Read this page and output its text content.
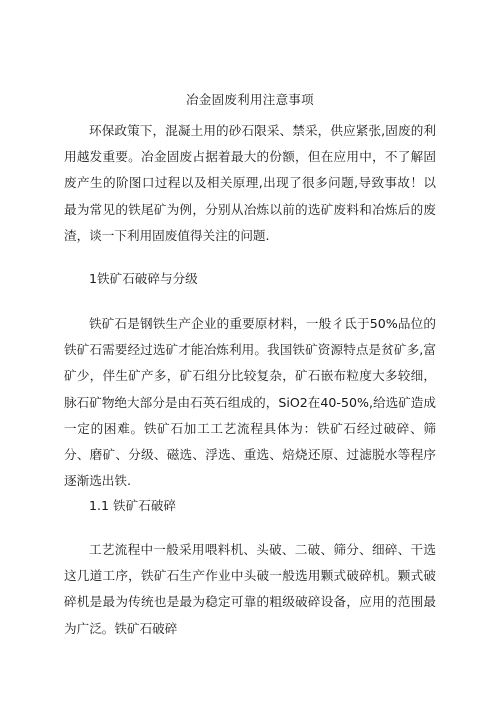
冶金固废利用注意事项

环保政策下，混凝土用的砂石限采、禁采，供应紧张,固废的利用越发重要。冶金固废占据着最大的份额，但在应用中，不了解固废产生的阶图口过程以及相关原理,出现了很多问题,导致事故！以最为常见的铁尾矿为例，分别从冶炼以前的选矿废料和冶炼后的废渣，谈一下利用固废值得关注的问题.

1铁矿石破碎与分级

铁矿石是钢铁生产企业的重要原材料，一般彳氐于50%品位的铁矿石需要经过选矿才能冶炼利用。我国铁矿资源特点是贫矿多,富矿少，伴生矿产多，矿石组分比较复杂，矿石嵌布粒度大多较细，脉石矿物绝大部分是由石英石组成的，SiO2在40-50%,给选矿造成一定的困难。铁矿石加工工艺流程具体为：铁矿石经过破碎、筛分、磨矿、分级、磁选、浮选、重选、焙烧还原、过滤脱水等程序逐渐选出铁.

1.1 铁矿石破碎

工艺流程中一般采用喂料机、头破、二破、筛分、细碎、干选这几道工序，铁矿石生产作业中头破一般选用颗式破碎机。颗式破碎机是最为传统也是最为稳定可靠的粗级破碎设备，应用的范围最为广泛。铁矿石破碎
